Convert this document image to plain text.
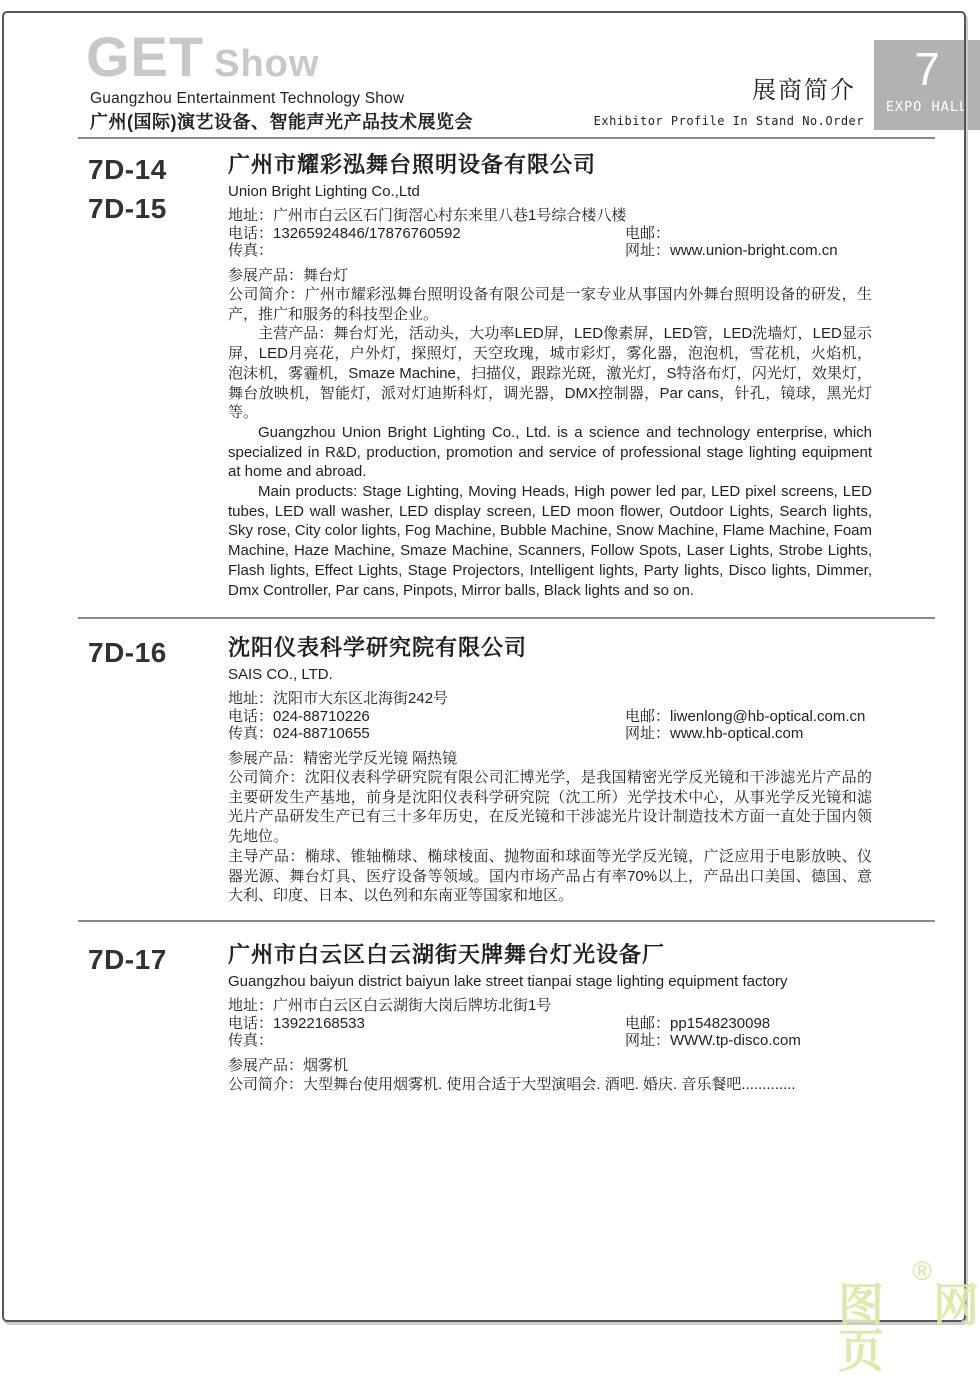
GET Show
Guangzhou Entertainment Technology Show
广州(国际)演艺设备、智能声光产品技术展览会
展商简介
Exhibitor Profile In Stand No.Order
7
EXPO HALL
7D-14
7D-15
广州市耀彩泓舞台照明设备有限公司
Union Bright Lighting Co.,Ltd
地址：广州市白云区石门街滘心村东来里八巷1号综合楼八楼
电话：13265924846/17876760592
传真：
电邮：
网址：www.union-bright.com.cn
参展产品：舞台灯

公司简介：广州市耀彩泓舞台照明设备有限公司是一家专业从事国内外舞台照明设备的研发，生产，推广和服务的科技型企业。

主营产品：舞台灯光，活动头，大功率LED屏，LED像素屏，LED管，LED洗墙灯，LED显示屏，LED月亮花，户外灯，探照灯，天空玫瑰，城市彩灯，雾化器，泡泡机，雪花机，火焰机，泡沫机，雾霾机，Smaze Machine，扫描仪，跟踪光斑，激光灯，S特洛布灯，闪光灯，效果灯，舞台放映机，智能灯，派对灯迪斯科灯，调光器，DMX控制器，Par cans，针孔，镜球，黑光灯等。

Guangzhou Union Bright Lighting Co., Ltd. is a science and technology enterprise, which specialized in R&D, production, promotion and service of professional stage lighting equipment at home and abroad.

Main products: Stage Lighting, Moving Heads, High power led par, LED pixel screens, LED tubes, LED wall washer, LED display screen, LED moon flower, Outdoor Lights, Search lights, Sky rose, City color lights, Fog Machine, Bubble Machine, Snow Machine, Flame Machine, Foam Machine, Haze Machine, Smaze Machine, Scanners, Follow Spots, Laser Lights, Strobe Lights, Flash lights, Effect Lights, Stage Projectors, Intelligent lights, Party lights, Disco lights, Dimmer, Dmx Controller, Par cans, Pinpots, Mirror balls, Black lights and so on.

7D-16	沈阳仪表科学研究院有限公司
SAIS CO., LTD.
地址：沈阳市大东区北海街242号
电话：024-88710226
传真：024-88710655
电邮：liwenlong@hb-optical.com.cn
网址：www.hb-optical.com
参展产品：精密光学反光镜 隔热镜

公司简介：沈阳仪表科学研究院有限公司汇博光学，是我国精密光学反光镜和干涉滤光片产品的主要研发生产基地，前身是沈阳仪表科学研究院（沈工所）光学技术中心，从事光学反光镜和滤光片产品研发生产已有三十多年历史，在反光镜和干涉滤光片设计制造技术方面一直处于国内领先地位。

主导产品：椭球、锥轴椭球、椭球棱面、抛物面和球面等光学反光镜，广泛应用于电影放映、仪器光源、舞台灯具、医疗设备等领域。国内市场产品占有率70%以上，产品出口美国、德国、意大利、印度、日本、以色列和东南亚等国家和地区。

7D-17	广州市白云区白云湖街天牌舞台灯光设备厂
Guangzhou baiyun district baiyun lake street tianpai stage lighting equipment factory
地址：广州市白云区白云湖街大岗后牌坊北街1号
电话：13922168533
传真：
电邮：pp1548230098
网址：WWW.tp-disco.com
参展产品：烟雾机

公司简介：大型舞台使用烟雾机. 使用合适于大型演唱会. 酒吧. 婚庆. 音乐餐吧.............

图页
®
网
